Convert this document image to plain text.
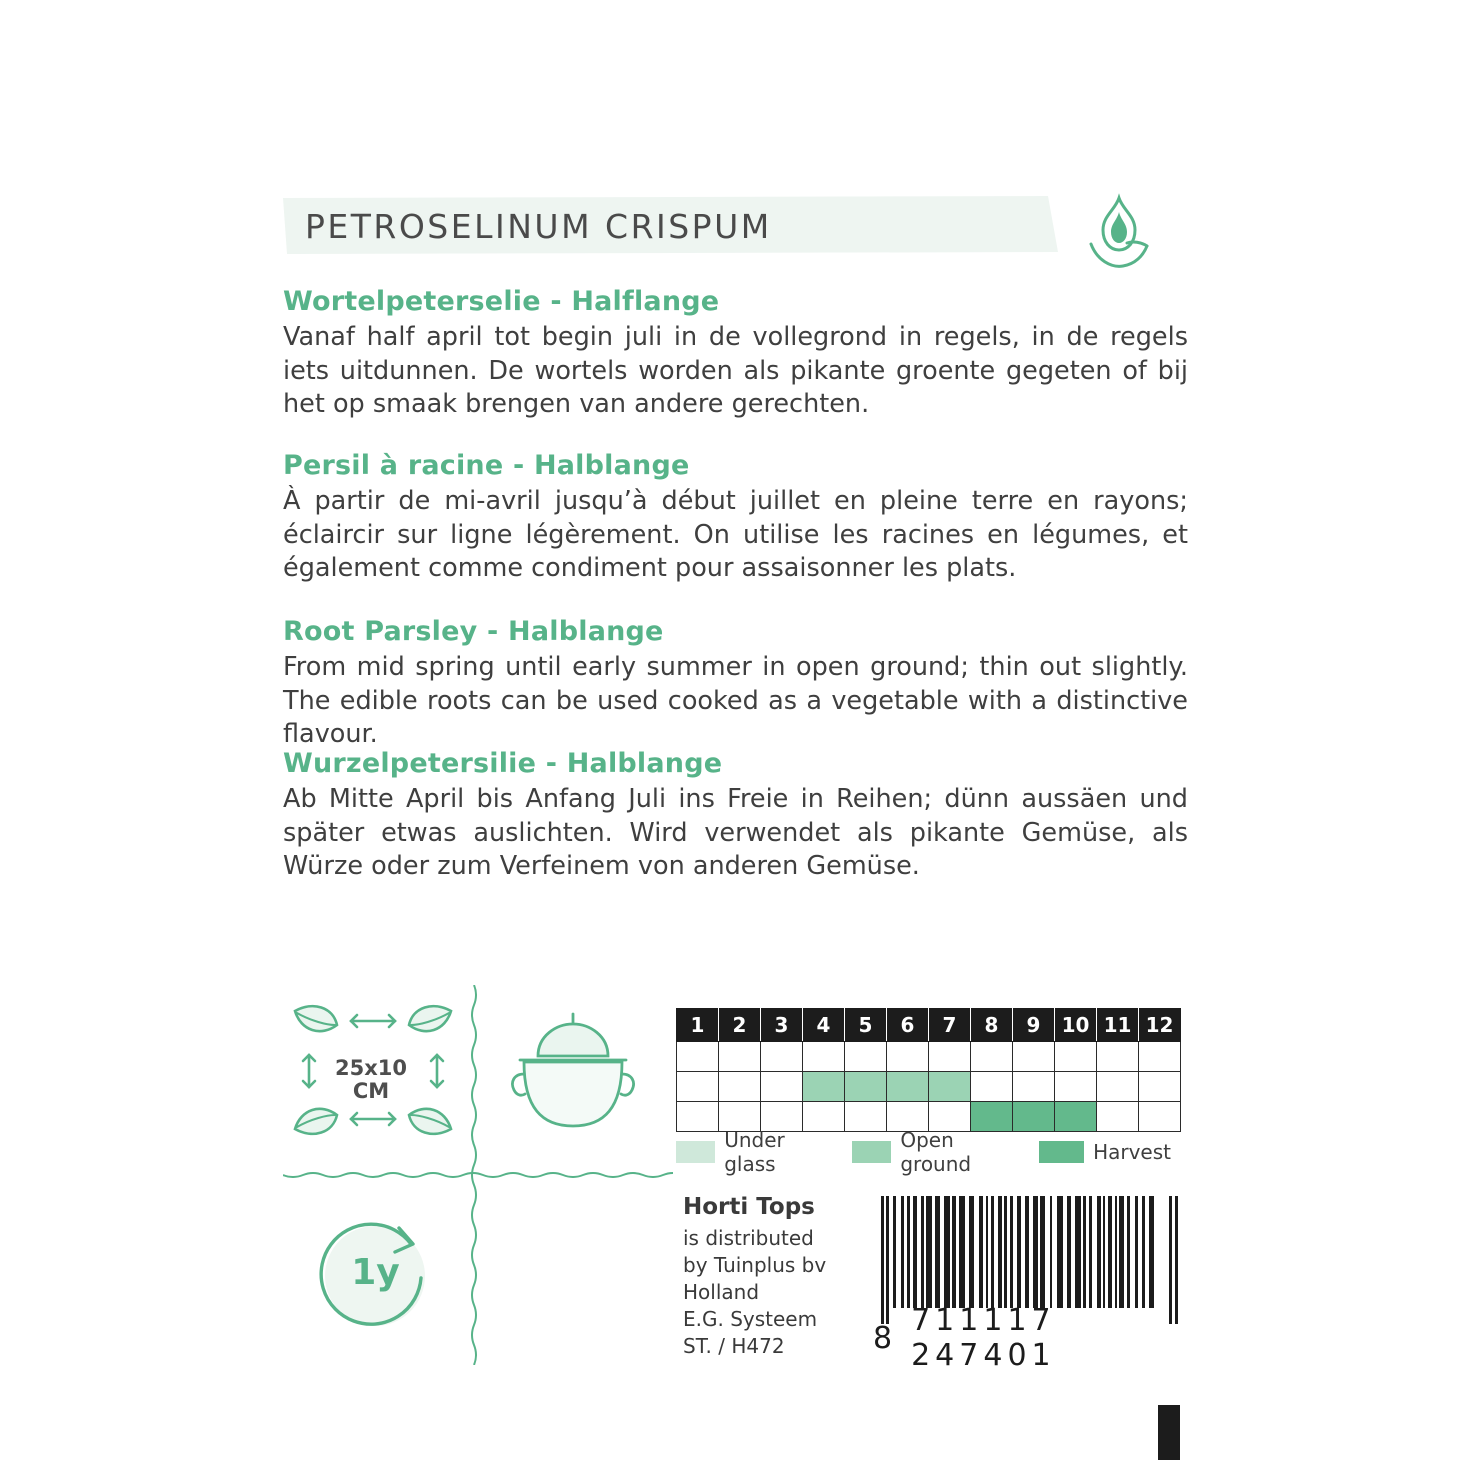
PETROSELINUM CRISPUM
Wortelpeterselie - Halflange

Vanaf half april tot begin juli in de vollegrond in regels, in de regels iets uitdunnen. De wortels worden als pikante groente gegeten of bij het op smaak brengen van andere gerechten.

Persil à racine - Halblange

À partir de mi-avril jusqu’à début juillet en pleine terre en rayons; éclaircir sur ligne légèrement. On utilise les racines en légumes, et également comme condiment pour assaisonner les plats.

Root Parsley - Halblange

From mid spring until early summer in open ground; thin out slightly. The edible roots can be used cooked as a vegetable with a distinctive flavour.

Wurzelpetersilie - Halblange

Ab Mitte April bis Anfang Juli ins Freie in Reihen; dünn aussäen und später etwas auslichten. Wird verwendet als pikante Gemüse, als Würze oder zum Verfeinem von anderen Gemüse.

25x10
CM
1y
1	2	3	4	5	6	7	8	9	10	11	12

Under glass
Open ground	Harvest
Horti Tops
is distributed
by Tuinplus bv
Holland
E.G. Systeem
ST. / H472	8 711117 247401
